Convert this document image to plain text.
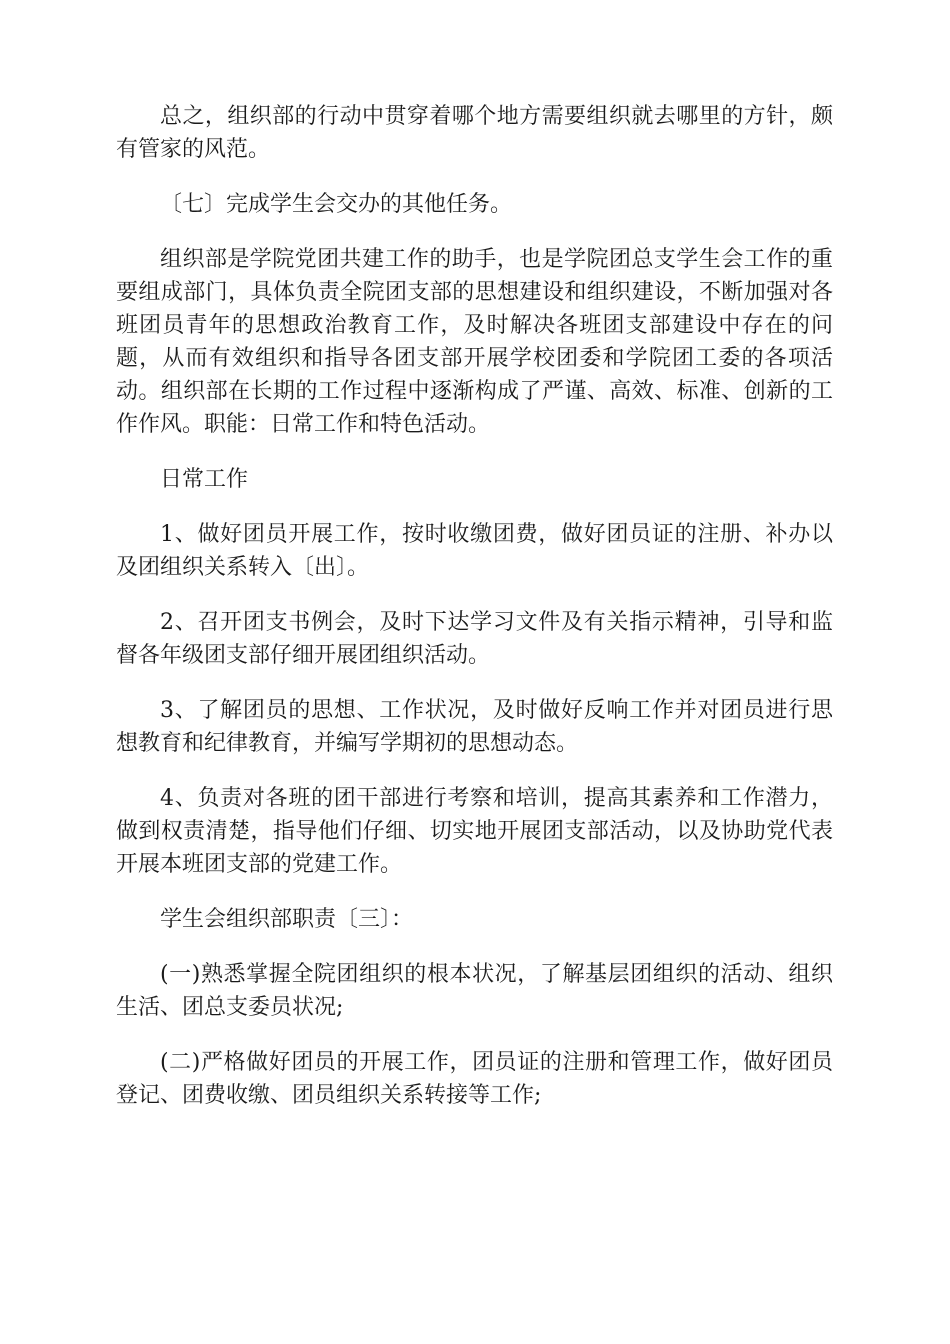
总之，组织部的行动中贯穿着哪个地方需要组织就去哪里的方针，颇有管家的风范。

〔七〕完成学生会交办的其他任务。

组织部是学院党团共建工作的助手，也是学院团总支学生会工作的重要组成部门，具体负责全院团支部的思想建设和组织建设，不断加强对各班团员青年的思想政治教育工作，及时解决各班团支部建设中存在的问题，从而有效组织和指导各团支部开展学校团委和学院团工委的各项活动。组织部在长期的工作过程中逐渐构成了严谨、高效、标准、创新的工作作风。职能：日常工作和特色活动。

日常工作

1、做好团员开展工作，按时收缴团费，做好团员证的注册、补办以及团组织关系转入〔出〕。

2、召开团支书例会，及时下达学习文件及有关指示精神，引导和监督各年级团支部仔细开展团组织活动。

3、了解团员的思想、工作状况，及时做好反响工作并对团员进行思想教育和纪律教育，并编写学期初的思想动态。

4、负责对各班的团干部进行考察和培训，提高其素养和工作潜力，做到权责清楚，指导他们仔细、切实地开展团支部活动，以及协助党代表开展本班团支部的党建工作。

学生会组织部职责〔三〕：

(一)熟悉掌握全院团组织的根本状况，了解基层团组织的活动、组织生活、团总支委员状况;

(二)严格做好团员的开展工作，团员证的注册和管理工作，做好团员登记、团费收缴、团员组织关系转接等工作;
